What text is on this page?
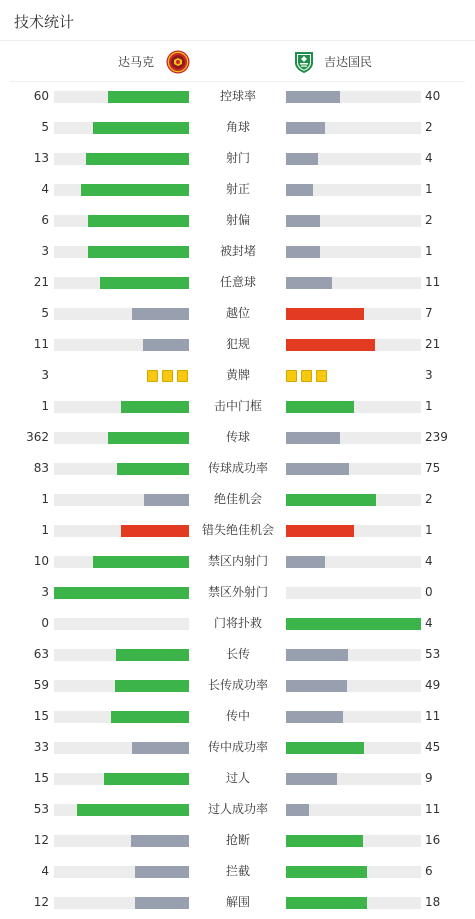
技术统计
达马克	吉达国民
60	控球率	40
5	角球	2
13	射门	4
4	射正	1
6	射偏	2
3	被封堵	1
21	任意球	11
5	越位	7
11	犯规	21
3	黄牌	3
1	击中门框	1
362	传球	239
83	传球成功率	75
1	绝佳机会	2
1	错失绝佳机会	1
10	禁区内射门	4
3	禁区外射门	0
0	门将扑救	4
63	长传	53
59	长传成功率	49
15	传中	11
33	传中成功率	45
15	过人	9
53	过人成功率	11
12	抢断	16
4	拦截	6
12	解围	18
